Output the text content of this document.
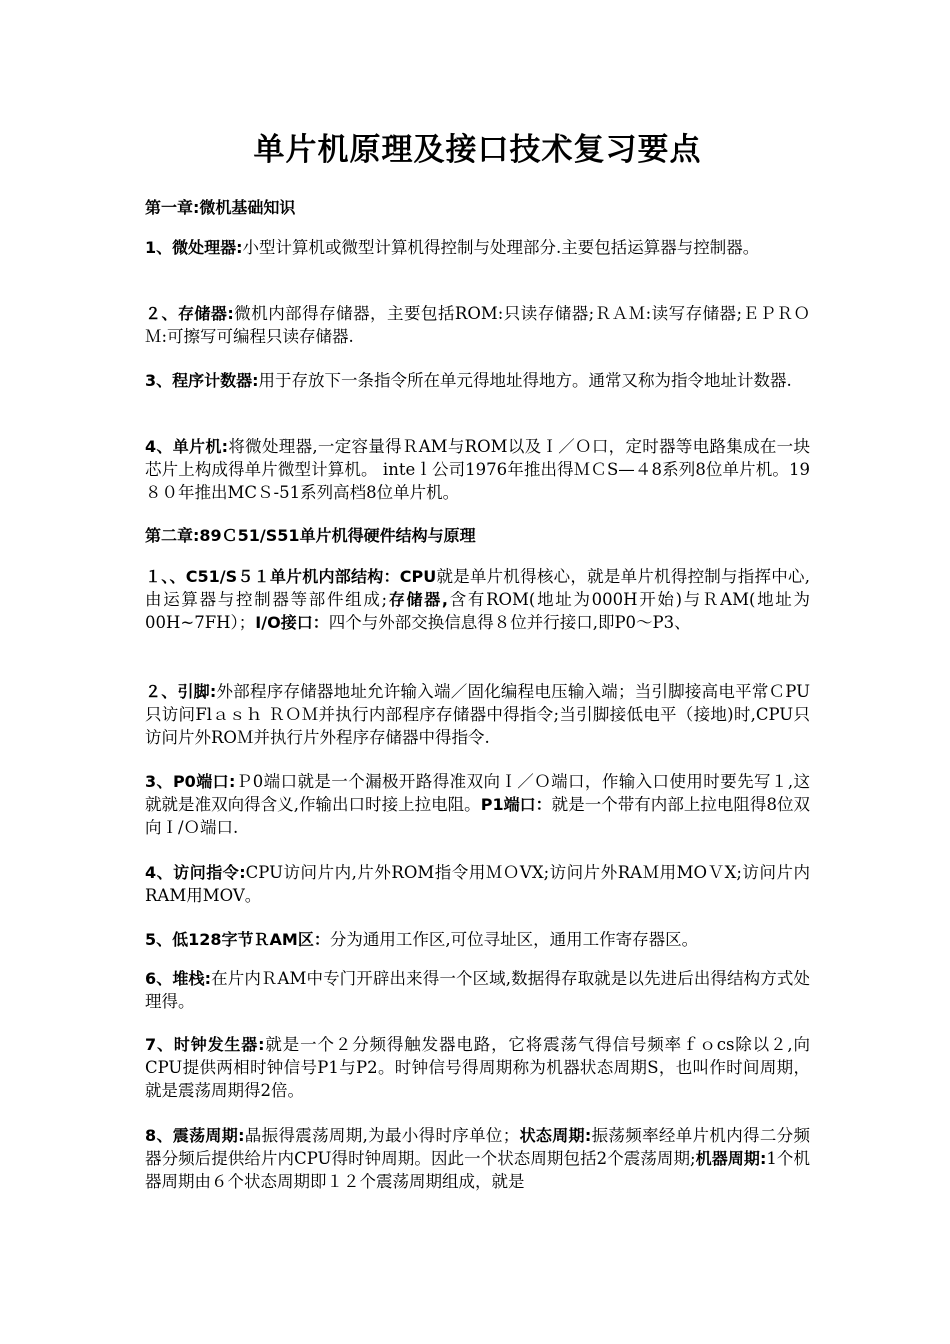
单片机原理及接口技术复习要点

第一章:微机基础知识

1、微处理器:小型计算机或微型计算机得控制与处理部分.主要包括运算器与控制器。

２、存储器:微机内部得存储器，主要包括ROM:只读存储器;ＲＡＭ:读写存储器;ＥＰＲＯＭ:可擦写可编程只读存储器.

3、程序计数器:用于存放下一条指令所在单元得地址得地方。通常又称为指令地址计数器.

4、单片机:将微处理器,一定容量得ＲAM与ROM以及Ｉ／Ｏ口，定时器等电路集成在一块芯片上构成得单片微型计算机。 inteｌ公司1976年推出得ＭＣS—４8系列8位单片机。19８０年推出MCＳ-51系列高档8位单片机。

第二章:89Ｃ51/S51单片机得硬件结构与原理

１、、C51/S５１单片机内部结构：CPU就是单片机得核心，就是单片机得控制与指挥中心,由运算器与控制器等部件组成;存储器,含有ROM(地址为000H开始)与ＲAM(地址为00H~7FH）；I/O接口：四个与外部交换信息得８位并行接口,即P0～P3、

２、引脚:外部程序存储器地址允许输入端／固化编程电压输入端；当引脚接高电平常ＣPU只访问Flａｓｈ ＲＯＭ并执行内部程序存储器中得指令;当引脚接低电平（接地)时,CPU只访问片外ROＭ并执行片外程序存储器中得指令.

3、P0端口:Ｐ0端口就是一个漏极开路得准双向Ｉ／Ｏ端口，作输入口使用时要先写１,这就就是准双向得含义,作输出口时接上拉电阻。P1端口：就是一个带有内部上拉电阻得8位双向Ｉ/Ｏ端口.

4、访问指令:CPU访问片内,片外ROM指令用ＭＯVX;访问片外RAＭ用MOＶX;访问片内RAM用MOV。

5、低128字节ＲAM区：分为通用工作区,可位寻址区，通用工作寄存器区。

6、堆栈:在片内ＲAM中专门开辟出来得一个区域,数据得存取就是以先进后出得结构方式处理得。

7、时钟发生器:就是一个２分频得触发器电路，它将震荡气得信号频率ｆｏcs除以２,向CPU提供两相时钟信号P1与P2。时钟信号得周期称为机器状态周期S，也叫作时间周期，就是震荡周期得2倍。

8、震荡周期:晶振得震荡周期,为最小得时序单位；状态周期:振荡频率经单片机内得二分频器分频后提供给片内CPU得时钟周期。因此一个状态周期包括2个震荡周期;机器周期:1个机器周期由６个状态周期即１２个震荡周期组成，就是
